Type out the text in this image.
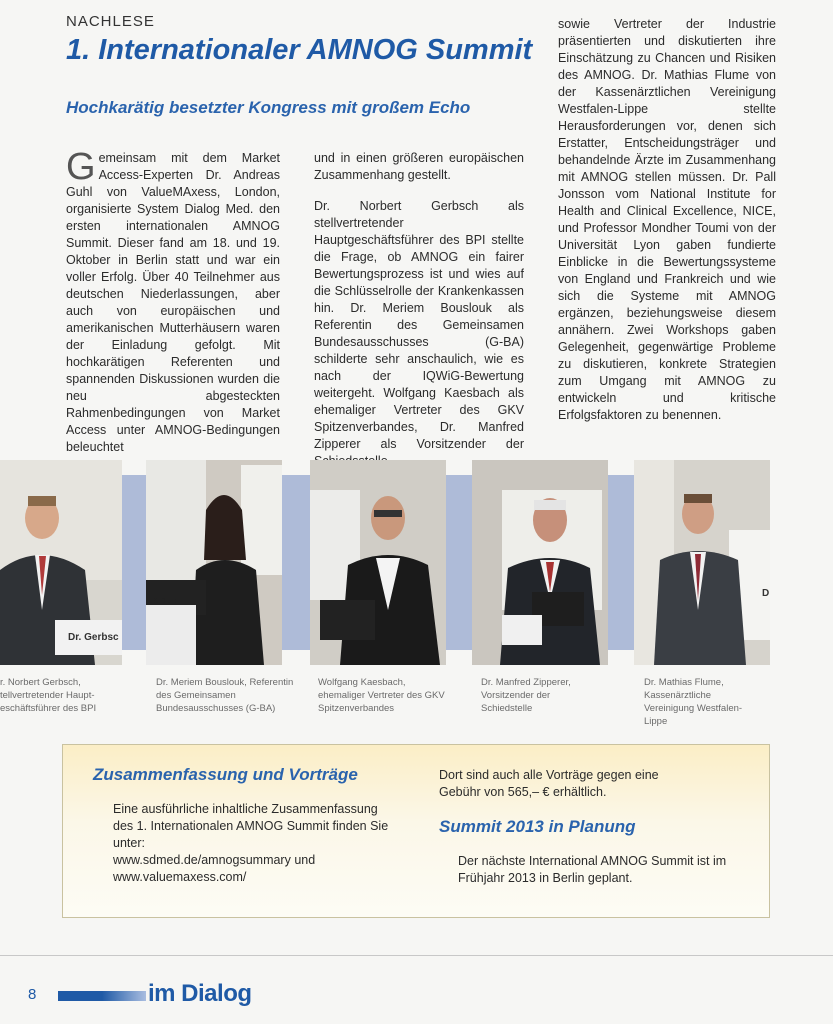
NACHLESE
1. Internationaler AMNOG Summit
Hochkarätig besetzter Kongress mit großem Echo

Gemeinsam mit dem Market Access-Experten Dr. Andreas Guhl von ValueMAxess, London, organisierte System Dialog Med. den ersten internationalen AMNOG Summit. Dieser fand am 18. und 19. Oktober in Berlin statt und war ein voller Erfolg. Über 40 Teilnehmer aus deutschen Niederlassungen, aber auch von europäischen und amerikanischen Mutterhäusern waren der Einladung gefolgt. Mit hochkarätigen Referenten und spannenden Diskussionen wurden die neu abgesteckten Rahmenbedingungen von Market Access unter AMNOG-Bedingungen beleuchtet

und in einen größeren europäischen Zusammenhang gestellt.

Dr. Norbert Gerbsch als stellvertretender Hauptgeschäftsführer des BPI stellte die Frage, ob AMNOG ein fairer Bewertungsprozess ist und wies auf die Schlüsselrolle der Krankenkassen hin. Dr. Meriem Bouslouk als Referentin des Gemeinsamen Bundesausschusses (G-BA) schilderte sehr anschaulich, wie es nach der IQWiG-Bewertung weitergeht. Wolfgang Kaesbach als ehemaliger Vertreter des GKV Spitzenverbandes, Dr. Manfred Zipperer als Vorsitzender der

sowie Vertreter der Industrie präsentierten und diskutierten ihre Einschätzung zu Chancen und Risiken des AMNOG. Dr. Mathias Flume von der Kassenärztlichen Vereinigung Westfalen-Lippe stellte Herausforderungen vor, denen sich Erstatter, Entscheidungsträger und behandelnde Ärzte im Zusammenhang mit AMNOG stellen müssen. Dr. Pall Jonsson vom National Institute for Health and Clinical Excellence, NICE, und Professor Mondher Toumi von der Universität Lyon gaben fundierte Einblicke in die Bewertungssysteme von England und Frankreich und wie sich die Systeme mit AMNOG ergänzen, beziehungsweise diesem annähern. Zwei Workshops gaben Gelegenheit, gegenwärtige Probleme zu diskutieren, konkrete Strategien zum Umgang mit AMNOG zu entwickeln und kritische Erfolgsfaktoren zu benennen.

Dr. Gerbsc
uslouk
D
r. Norbert Gerbsch, tellvertretender Haupt- eschäftsführer des BPI
Dr. Meriem Bouslouk, Referentin des Gemeinsamen Bundesausschusses (G-BA)
Wolfgang Kaesbach, ehemaliger Vertreter des GKV Spitzenverbandes
Dr. Manfred Zipperer, Vorsitzender der Schiedstelle
Dr. Mathias Flume, Kassenärztliche Vereinigung Westfalen-Lippe
Zusammenfassung und Vorträge
Eine ausführliche inhaltliche Zusammenfassung des 1. Internationalen AMNOG Summit finden Sie unter:
www.sdmed.de/amnogsummary und
www.valuemaxess.com/
Dort sind auch alle Vorträge gegen eine Gebühr von 565,– € erhältlich.
Summit 2013 in Planung
Der nächste International AMNOG Summit ist im Frühjahr 2013 in Berlin geplant.
8	im Dialog
